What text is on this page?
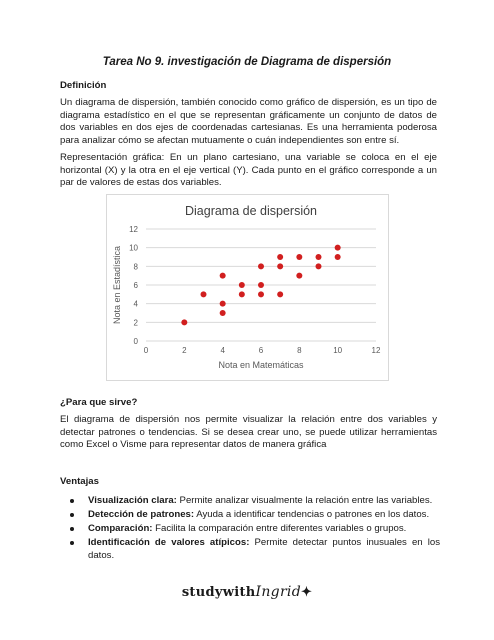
Tarea No 9. investigación de Diagrama de dispersión
Definición

Un diagrama de dispersión, también conocido como gráfico de dispersión, es un tipo de diagrama estadístico en el que se representan gráficamente un conjunto de datos de dos variables en dos ejes de coordenadas cartesianas. Es una herramienta poderosa para analizar cómo se afectan mutuamente o cuán independientes son entre sí.

Representación gráfica: En un plano cartesiano, una variable se coloca en el eje horizontal (X) y la otra en el eje vertical (Y). Cada punto en el gráfico corresponde a un par de valores de estas dos variables.

0
2
4
6
8
10
12
0	2	4	6	8	10	12
Diagrama de dispersión
Nota en Matemáticas
Nota en Estadística
¿Para que sirve?

El diagrama de dispersión nos permite visualizar la relación entre dos variables y detectar patrones o tendencias. Si se desea crear uno, se puede utilizar herramientas como Excel o Visme para representar datos de manera gráfica

Ventajas
Visualización clara: Permite analizar visualmente la relación entre las variables.
Detección de patrones: Ayuda a identificar tendencias o patrones en los datos.
Comparación: Facilita la comparación entre diferentes variables o grupos.
Identificación de valores atípicos: Permite detectar puntos inusuales en los datos.
studywithIngrid✦
